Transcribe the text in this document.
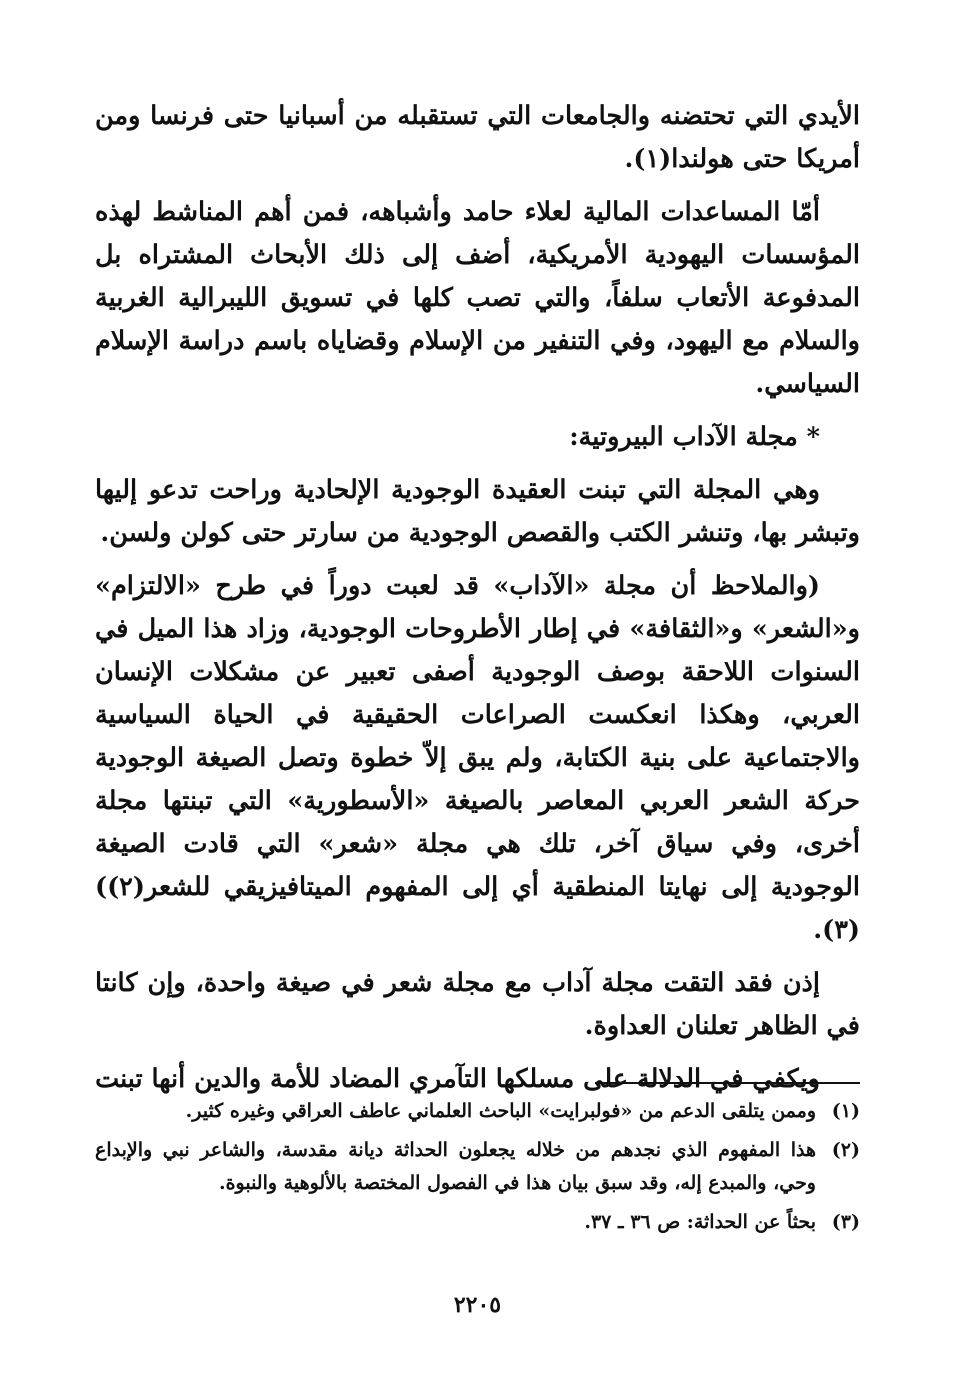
الأيدي التي تحتضنه والجامعات التي تستقبله من أسبانيا حتى فرنسا ومن أمريكا حتى هولندا(١).

أمّا المساعدات المالية لعلاء حامد وأشباهه، فمن أهم المناشط لهذه المؤسسات اليهودية الأمريكية، أضف إلى ذلك الأبحاث المشتراه بل المدفوعة الأتعاب سلفاً، والتي تصب كلها في تسويق الليبرالية الغربية والسلام مع اليهود، وفي التنفير من الإسلام وقضاياه باسم دراسة الإسلام السياسي.

* مجلة الآداب البيروتية:

وهي المجلة التي تبنت العقيدة الوجودية الإلحادية وراحت تدعو إليها وتبشر بها، وتنشر الكتب والقصص الوجودية من سارتر حتى كولن ولسن.

(والملاحظ أن مجلة «الآداب» قد لعبت دوراً في طرح «الالتزام» و«الشعر» و«الثقافة» في إطار الأطروحات الوجودية، وزاد هذا الميل في السنوات اللاحقة بوصف الوجودية أصفى تعبير عن مشكلات الإنسان العربي، وهكذا انعكست الصراعات الحقيقية في الحياة السياسية والاجتماعية على بنية الكتابة، ولم يبق إلاّ خطوة وتصل الصيغة الوجودية حركة الشعر العربي المعاصر بالصيغة «الأسطورية» التي تبنتها مجلة أخرى، وفي سياق آخر، تلك هي مجلة «شعر» التي قادت الصيغة الوجودية إلى نهايتا المنطقية أي إلى المفهوم الميتافيزيقي للشعر(٢))(٣).

إذن فقد التقت مجلة آداب مع مجلة شعر في صيغة واحدة، وإن كانتا في الظاهر تعلنان العداوة.

ويكفي في الدلالة على مسلكها التآمري المضاد للأمة والدين أنها تبنت

(١)
وممن يتلقى الدعم من «فولبرايت» الباحث العلماني عاطف العراقي وغيره كثير.
(٢)
هذا المفهوم الذي نجدهم من خلاله يجعلون الحداثة ديانة مقدسة، والشاعر نبي والإبداع وحي، والمبدع إله، وقد سبق بيان هذا في الفصول المختصة بالألوهية والنبوة.
(٣)
بحثاً عن الحداثة: ص ٣٦ ـ ٣٧.
٢٢٠٥
